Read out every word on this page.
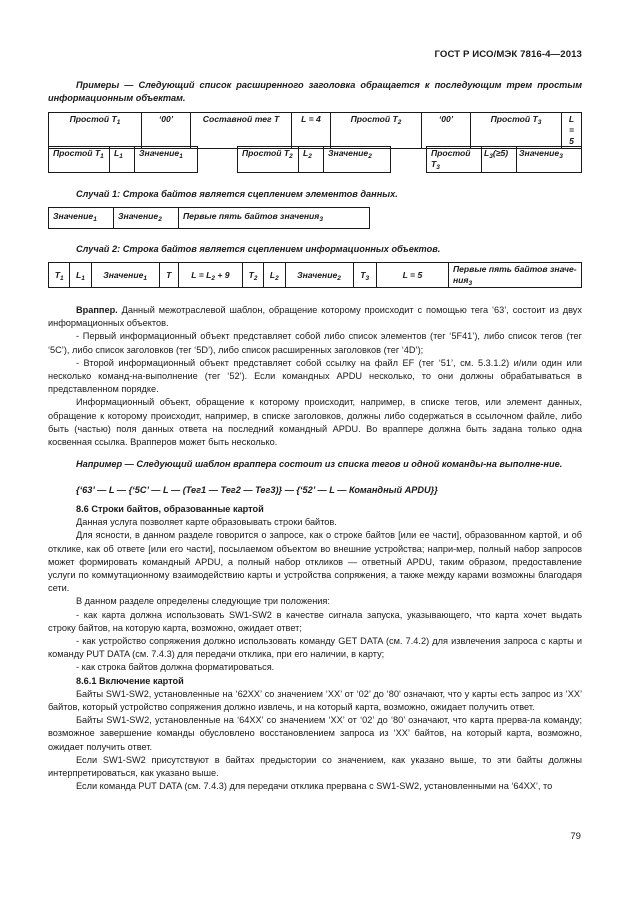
ГОСТ Р ИСО/МЭК 7816-4—2013
Примеры — Следующий список расширенного заголовка обращается к последующим трем простым информационным объектам.
Простой $T_1$	‘00’	Составной тег T	L = 4	Простой $T_2$	‘00’	Простой $T_3$	L = 5
Простой $T_1$	$L_1$	Значение$_1$	Простой $T_2$	$L_2$	Значение$_2$	Простой $T_3$	$L_3(\ge 5)$	Значение$_3$
Случай 1: Строка байтов является сцеплением элементов данных.
Значение$_1$	Значение$_2$	Первые пять байтов значения$_3$
Случай 2: Строка байтов является сцеплением информационных объектов.
$T_1$	$L_1$	Значение$_1$	T	$L = L_2 + 9$	$T_2$	$L_2$	Значение$_2$	$T_3$	L = 5	Первые пять байтов значе-
ния$_3$

Враппер. Данный межотраслевой шаблон, обращение которому происходит с помощью тега ‘63’, состоит из двух информационных объектов.

- Первый информационный объект представляет собой либо список элементов (тег ‘5F41’), либо список тегов (тег ‘5C’), либо список заголовков (тег ‘5D’), либо список расширенных заголовков (тег ‘4D’);

- Второй информационный объект представляет собой ссылку на файл EF (тег ‘51’, см. 5.3.1.2) и/или один или несколько команд-на-выполнение (тег ‘52’). Если командных APDU несколько, то они должны обрабатываться в представленном порядке.

Информационный объект, обращение к которому происходит, например, в списке тегов, или элемент данных, обращение к которому происходит, например, в списке заголовков, должны либо содержаться в ссылочном файле, либо быть (частью) поля данных ответа на последний командный APDU. Во враппере должна быть задана только одна косвенная ссылка. Врапперов может быть несколько.

Например — Следующий шаблон враппера состоит из списка тегов и одной команды-на выполне-ние.
{‘63’ — L — {‘5C’ — L — (Тег1 — Тег2 — Тег3)} — {‘52’ — L — Командный APDU}}

8.6 Строки байтов, образованные картой

Данная услуга позволяет карте образовывать строки байтов.

Для ясности, в данном разделе говорится о запросе, как о строке байтов [или ее части], образованном картой, и об отклике, как об ответе [или его части], посылаемом объектом во внешние устройства; напри-мер, полный набор запросов может формировать командный APDU, а полный набор откликов — ответный APDU, таким образом, предоставление услуги по коммутационному взаимодействию карты и устройства сопряжения, а также между карами возможны благодаря сети.

В данном разделе определены следующие три положения:

- как карта должна использовать SW1-SW2 в качестве сигнала запуска, указывающего, что карта хочет выдать строку байтов, на которую карта, возможно, ожидает ответ;

- как устройство сопряжения должно использовать команду GET DATA (см. 7.4.2) для извлечения запроса с карты и команду PUT DATA (см. 7.4.3) для передачи отклика, при его наличии, в карту;

- как строка байтов должна форматироваться.

8.6.1 Включение картой

Байты SW1-SW2, установленные на ‘62XX’ со значением ‘XX’ от ‘02’ до ‘80’ означают, что у карты есть запрос из ‘XX’ байтов, который устройство сопряжения должно извлечь, и на который карта, возможно, ожидает получить ответ.

Байты SW1-SW2, установленные на ‘64XX’ со значением ‘XX’ от ‘02’ до ‘80’ означают, что карта прерва-ла команду; возможное завершение команды обусловлено восстановлением запроса из ‘XX’ байтов, на который карта, возможно, ожидает получить ответ.

Если SW1-SW2 присутствуют в байтах предыстории со значением, как указано выше, то эти байты должны интерпретироваться, как указано выше.

Если команда PUT DATA (см. 7.4.3) для передачи отклика прервана с SW1-SW2, установленными на ‘64XX’, то

79
